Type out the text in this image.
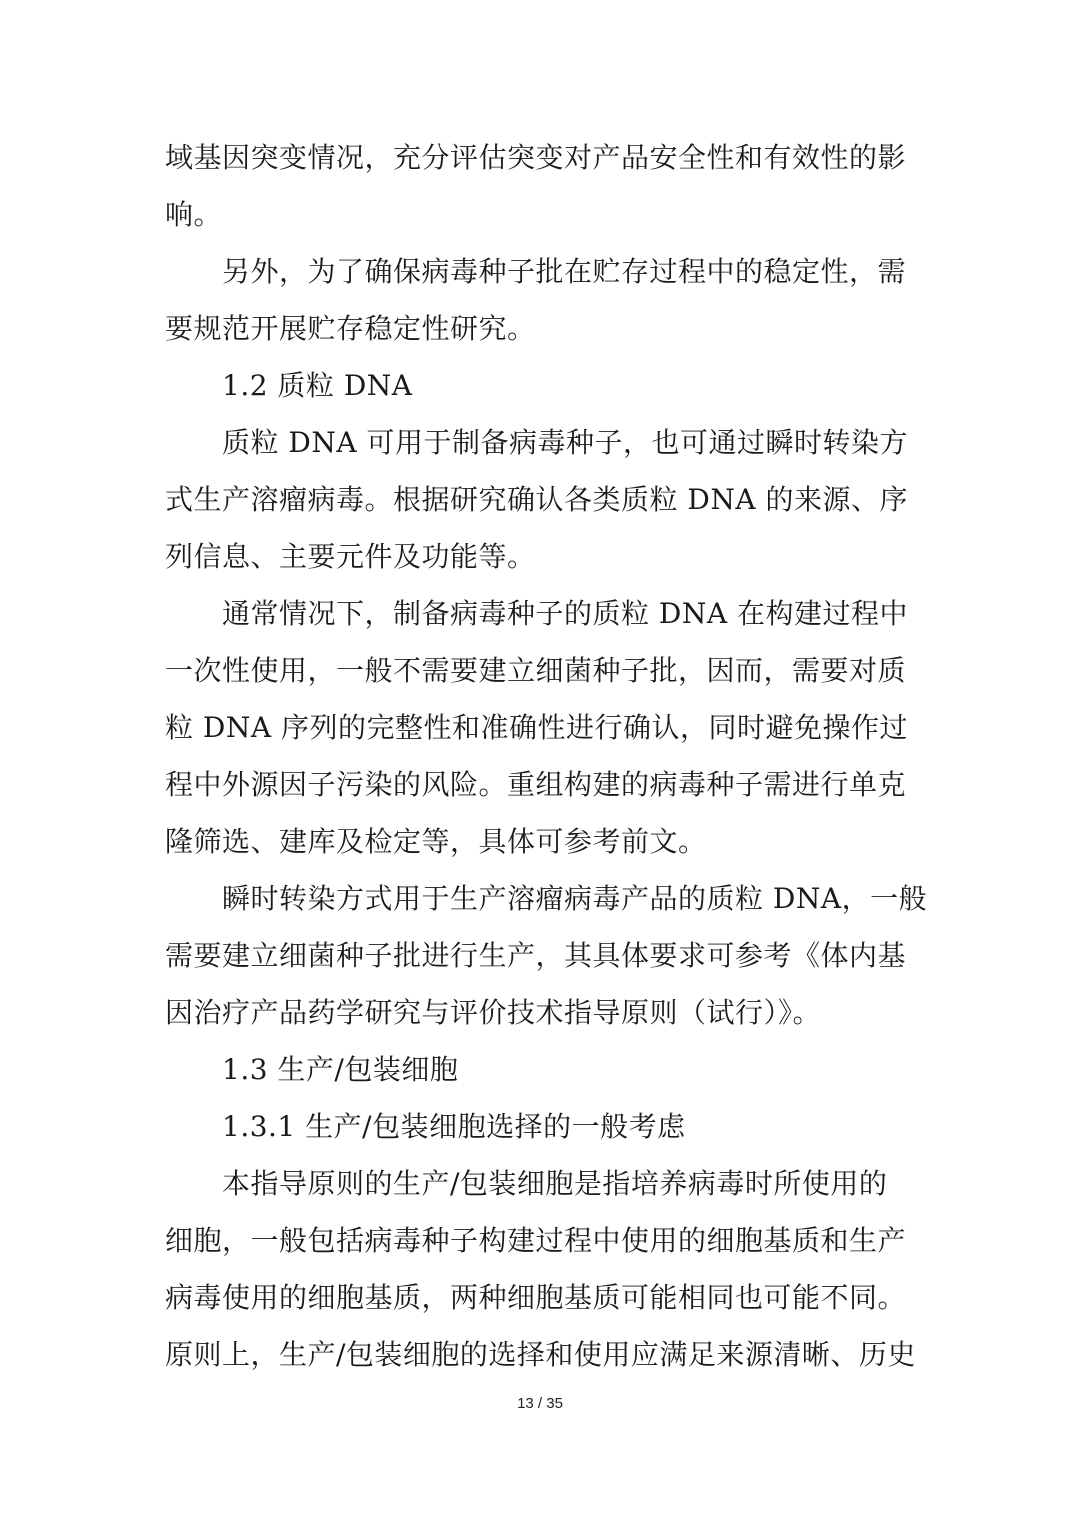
域基因突变情况，充分评估突变对产品安全性和有效性的影
响。
另外，为了确保病毒种子批在贮存过程中的稳定性，需
要规范开展贮存稳定性研究。
1.2 质粒 DNA
质粒 DNA 可用于制备病毒种子，也可通过瞬时转染方
式生产溶瘤病毒。根据研究确认各类质粒 DNA 的来源、序
列信息、主要元件及功能等。
通常情况下，制备病毒种子的质粒 DNA 在构建过程中
一次性使用，一般不需要建立细菌种子批，因而，需要对质
粒 DNA 序列的完整性和准确性进行确认，同时避免操作过
程中外源因子污染的风险。重组构建的病毒种子需进行单克
隆筛选、建库及检定等，具体可参考前文。
瞬时转染方式用于生产溶瘤病毒产品的质粒 DNA，一般
需要建立细菌种子批进行生产，其具体要求可参考《体内基
因治疗产品药学研究与评价技术指导原则（试行）》。
1.3 生产/包装细胞
1.3.1 生产/包装细胞选择的一般考虑
本指导原则的生产/包装细胞是指培养病毒时所使用的
细胞，一般包括病毒种子构建过程中使用的细胞基质和生产
病毒使用的细胞基质，两种细胞基质可能相同也可能不同。
原则上，生产/包装细胞的选择和使用应满足来源清晰、历史
13 / 35
